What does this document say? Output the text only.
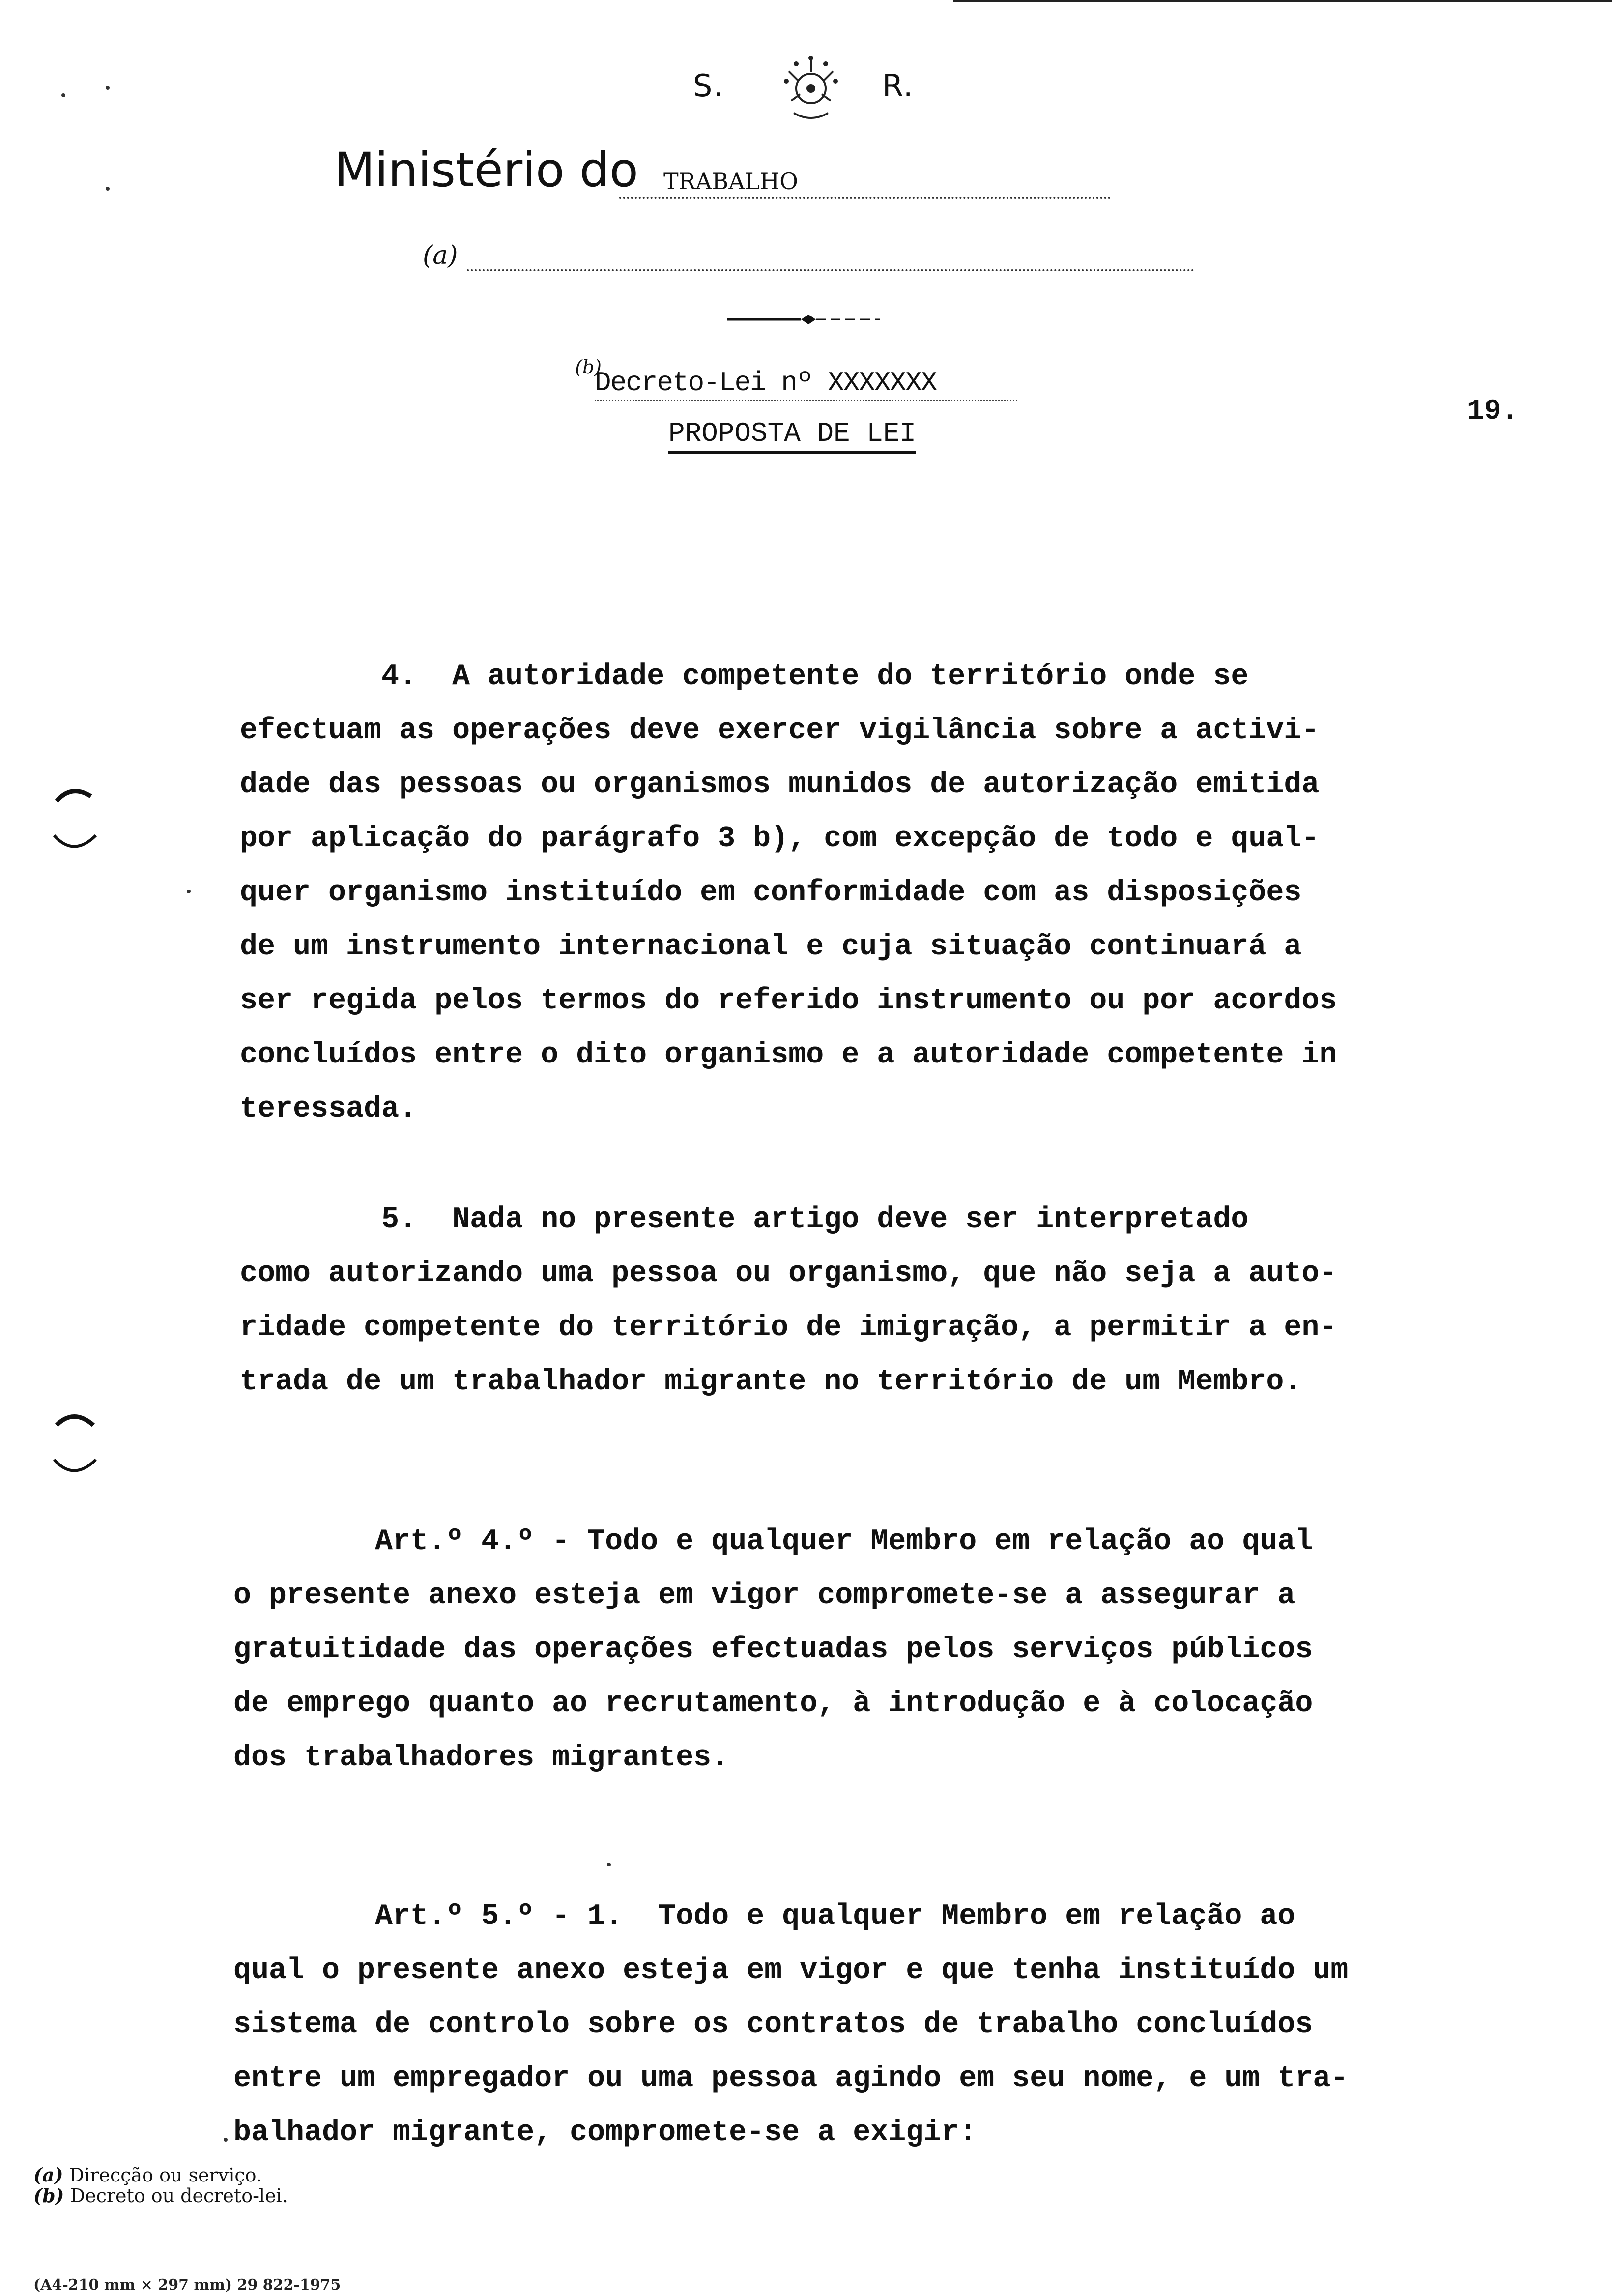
S.	R.
Ministério do TRABALHO
(a)
(b)
Decreto-Lei nº XXXXXXX
PROPOSTA DE LEI
19.
4.  A autoridade competente do território onde se
efectuam as operações deve exercer vigilância sobre a activi-
dade das pessoas ou organismos munidos de autorização emitida
por aplicação do parágrafo 3 b), com excepção de todo e qual-
quer organismo instituído em conformidade com as disposições
de um instrumento internacional e cuja situação continuará a
ser regida pelos termos do referido instrumento ou por acordos
concluídos entre o dito organismo e a autoridade competente in
teressada.
5.  Nada no presente artigo deve ser interpretado
como autorizando uma pessoa ou organismo, que não seja a auto-
ridade competente do território de imigração, a permitir a en-
trada de um trabalhador migrante no território de um Membro.
Art.º 4.º - Todo e qualquer Membro em relação ao qual
o presente anexo esteja em vigor compromete-se a assegurar a
gratuitidade das operações efectuadas pelos serviços públicos
de emprego quanto ao recrutamento, à introdução e à colocação
dos trabalhadores migrantes.
Art.º 5.º - 1.  Todo e qualquer Membro em relação ao
qual o presente anexo esteja em vigor e que tenha instituído um
sistema de controlo sobre os contratos de trabalho concluídos
entre um empregador ou uma pessoa agindo em seu nome, e um tra-
balhador migrante, compromete-se a exigir:
(a) Direcção ou serviço.
(b) Decreto ou decreto-lei.
(A4-210 mm × 297 mm) 29 822-1975
